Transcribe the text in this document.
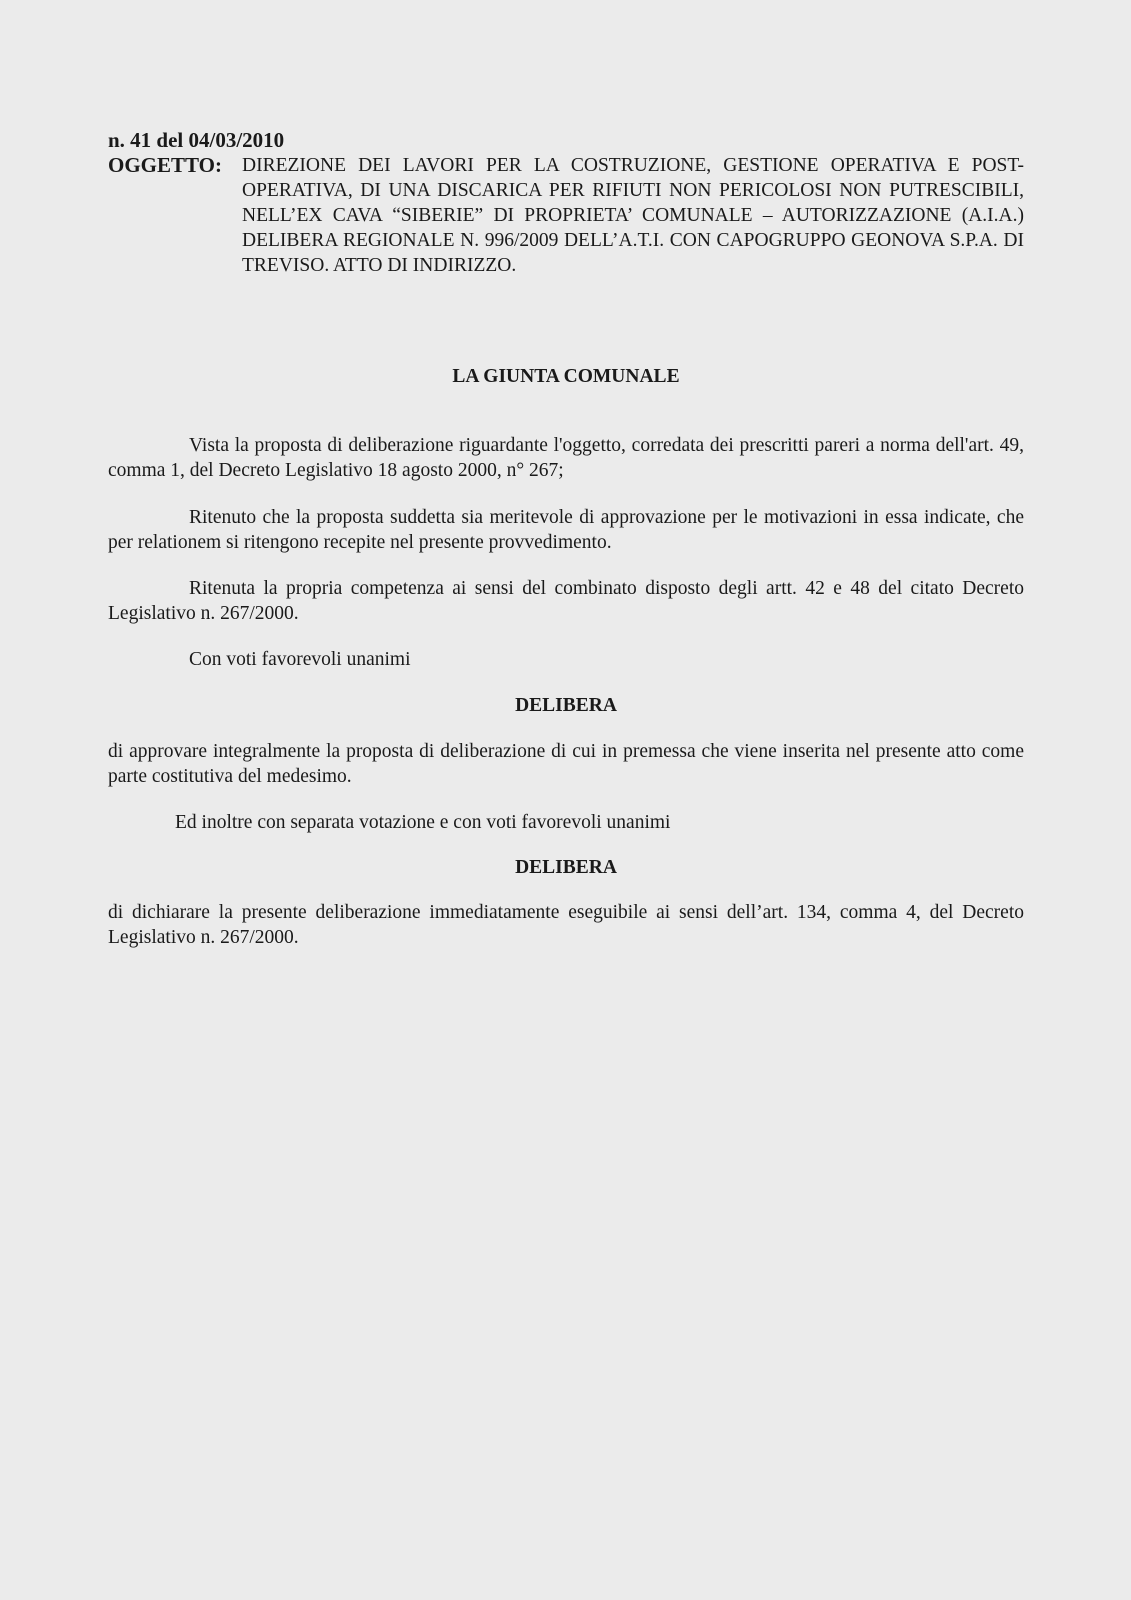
n. 41 del 04/03/2010

OGGETTO:	DIREZIONE DEI LAVORI PER LA COSTRUZIONE, GESTIONE OPERATIVA E POST-OPERATIVA, DI UNA DISCARICA PER RIFIUTI NON PERICOLOSI NON PUTRESCIBILI, NELL’EX CAVA “SIBERIE” DI PROPRIETA’ COMUNALE – AUTORIZZAZIONE (A.I.A.) DELIBERA REGIONALE N. 996/2009 DELL’A.T.I. CON CAPOGRUPPO GEONOVA S.P.A. DI TREVISO. ATTO DI INDIRIZZO.

LA GIUNTA COMUNALE

Vista la proposta di deliberazione riguardante l'oggetto, corredata dei prescritti pareri a norma dell'art. 49, comma 1, del Decreto Legislativo 18 agosto 2000, n° 267;

Ritenuto che la proposta suddetta sia meritevole di approvazione per le motivazioni in essa indicate, che per relationem si ritengono recepite nel presente provvedimento.

Ritenuta la propria competenza ai sensi del combinato disposto degli artt. 42 e 48 del citato Decreto Legislativo n. 267/2000.

Con voti favorevoli unanimi

DELIBERA

di approvare integralmente la proposta di deliberazione di cui in premessa che viene inserita nel presente atto come parte costitutiva del medesimo.

Ed inoltre con separata votazione e con voti favorevoli unanimi

DELIBERA

di dichiarare la presente deliberazione immediatamente eseguibile ai sensi dell’art. 134, comma 4, del Decreto Legislativo n. 267/2000.
